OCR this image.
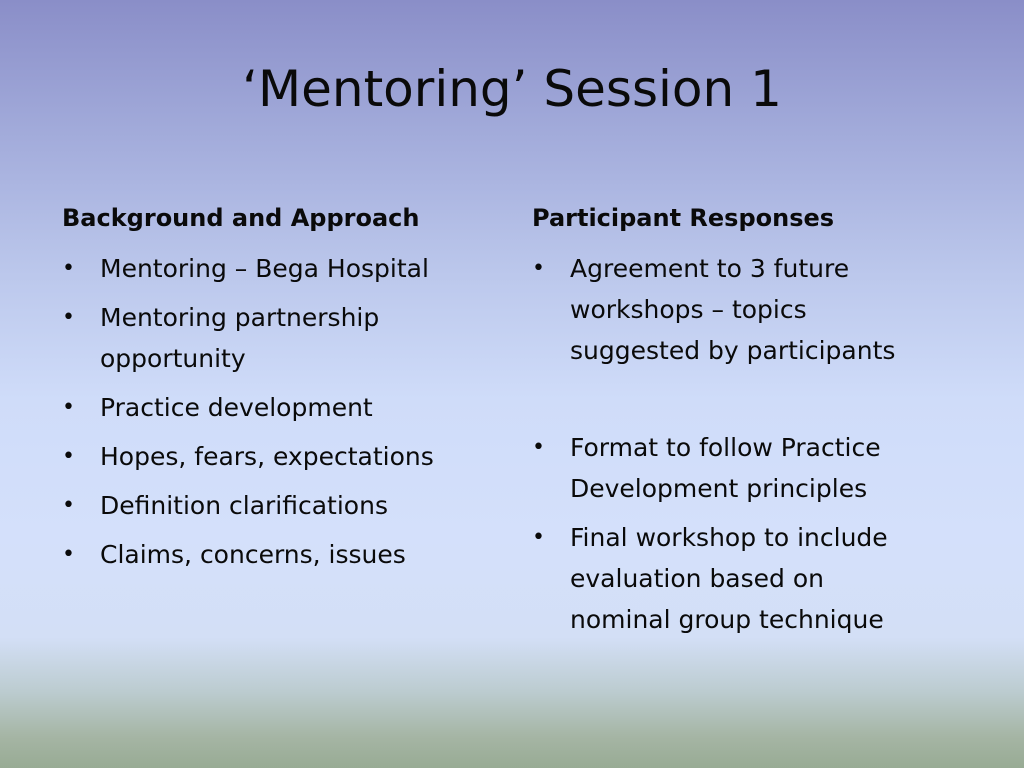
‘Mentoring’ Session 1
Background and Approach
• Mentoring – Bega Hospital
• Mentoring partnership
opportunity
• Practice development
• Hopes, fears, expectations
• Definition clarifications
• Claims, concerns, issues
Participant Responses
• Agreement to 3 future
workshops – topics
suggested by participants
• Format to follow Practice
Development principles
• Final workshop to include
evaluation based on
nominal group technique
